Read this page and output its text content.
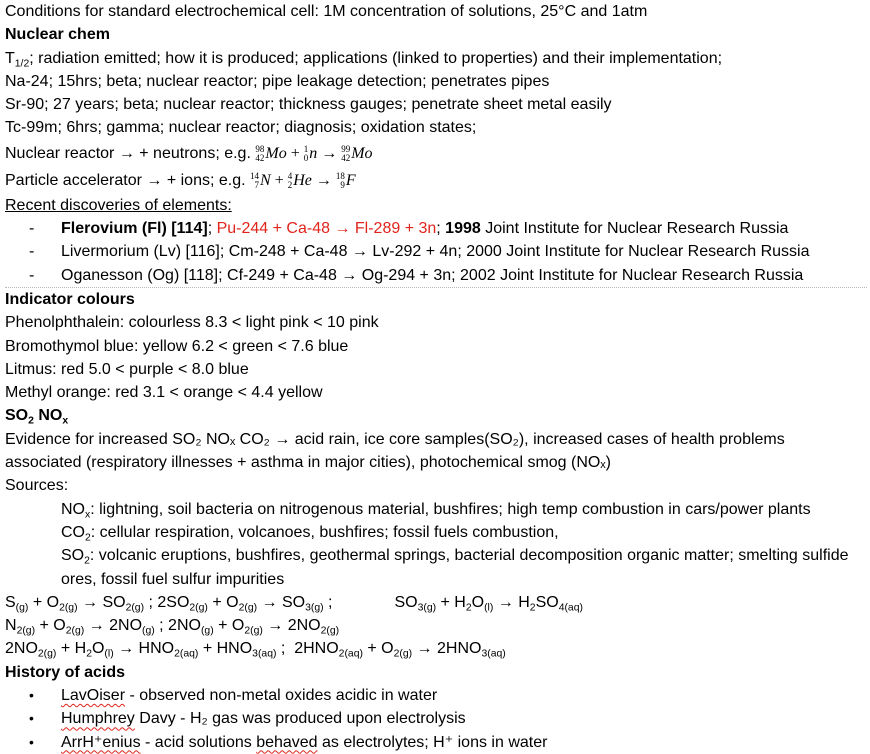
Conditions for standard electrochemical cell: 1M concentration of solutions, 25°C and 1atm
Nuclear chem
$T_{1/2}$; radiation emitted; how it is produced; applications (linked to properties) and their implementation;
Na-24; 15hrs; beta; nuclear reactor; pipe leakage detection; penetrates pipes
Sr-90; 27 years; beta; nuclear reactor; thickness gauges; penetrate sheet metal easily
Tc-99m; 6hrs; gamma; nuclear reactor; diagnosis; oxidation states;
Nuclear reactor → + neutrons; e.g. 98
42 Mo + 1
0 n → 99
42 Mo
Particle accelerator → + ions; e.g. 14
7 N + 4
2 He → 18
9 F
Recent discoveries of elements:
- Flerovium (Fl) [114]; Pu-244 + Ca-48 → Fl-289 + 3n; 1998 Joint Institute for Nuclear Research Russia
- Livermorium (Lv) [116]; Cm-248 + Ca-48 → Lv-292 + 4n; 2000 Joint Institute for Nuclear Research Russia
- Oganesson (Og) [118]; Cf-249 + Ca-48 → Og-294 + 3n; 2002 Joint Institute for Nuclear Research Russia
Indicator colours
Phenolphthalein: colourless 8.3 < light pink < 10 pink
Bromothymol blue: yellow 6.2 < green < 7.6 blue
Litmus: red 5.0 < purple < 8.0 blue
Methyl orange: red 3.1 < orange < 4.4 yellow
$SO_2$ $NO_x$
Evidence for increased SO₂ NOₓ CO₂ → acid rain, ice core samples(SO₂), increased cases of health problems associated (respiratory illnesses + asthma in major cities), photochemical smog (NOₓ)
Sources:
$NO_x$: lightning, soil bacteria on nitrogenous material, bushfires; high temp combustion in cars/power plants
$CO_2$: cellular respiration, volcanoes, bushfires; fossil fuels combustion,
$SO_2$: volcanic eruptions, bushfires, geothermal springs, bacterial decomposition organic matter; smelting sulfide ores, fossil fuel sulfur impurities
$S_{(g)} + O_{2(g)} \to SO_{2(g)}$ ; $2SO_{2(g)} + O_{2(g)} \to SO_{3(g)}$ ;	$SO_{3(g)} + H_2O_{(l)} \to H_2SO_{4(aq)}$
$N_{2(g)} + O_{2(g)} \to 2NO_{(g)}$ ; $2NO_{(g)} + O_{2(g)} \to 2NO_{2(g)}$
$2NO_{2(g)} + H_2O_{(l)} \to HNO_{2(aq)} + HNO_{3(aq)}$ ;  $2HNO_{2(aq)} + O_{2(g)} \to 2HNO_{3(aq)}$
History of acids
• LavOiser - observed non-metal oxides acidic in water
• Humphrey Davy - H₂ gas was produced upon electrolysis
• ArrH⁺enius - acid solutions behaved as electrolytes; H⁺ ions in water
